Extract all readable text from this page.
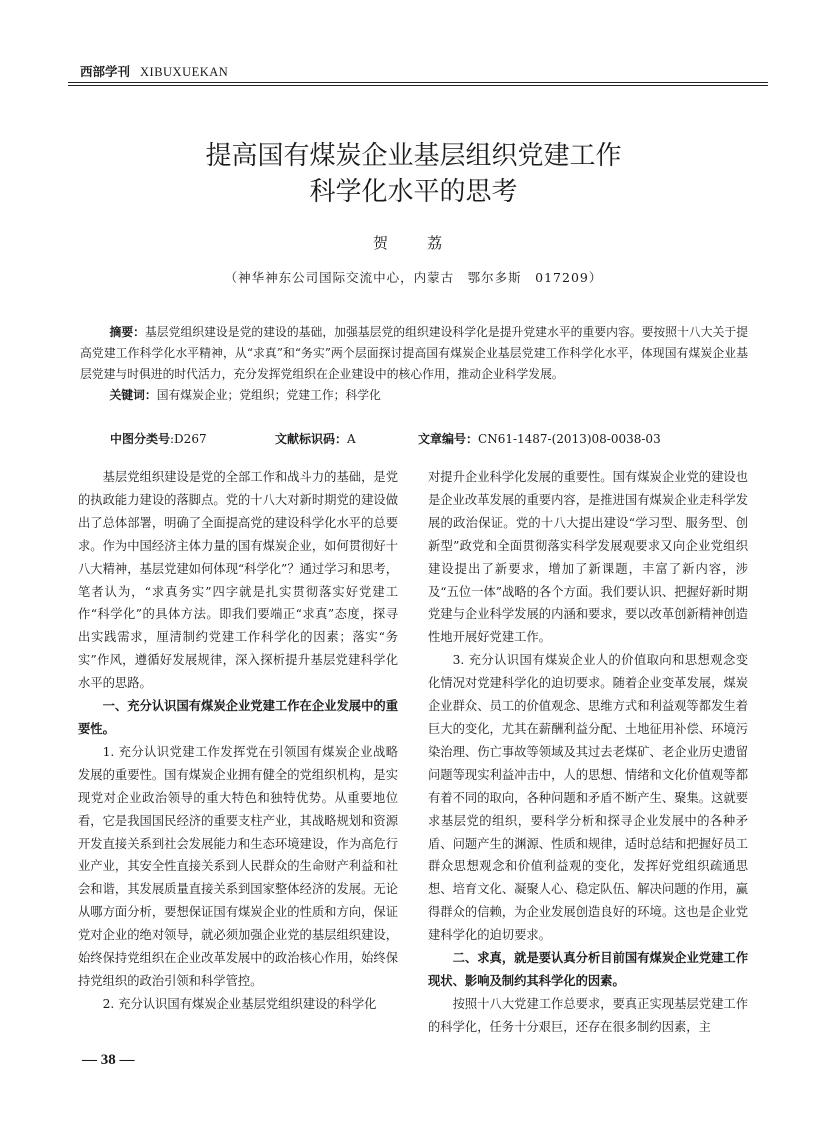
西部学刊 XIBUXUEKAN
提高国有煤炭企业基层组织党建工作
科学化水平的思考
贺　荔
（神华神东公司国际交流中心，内蒙古　鄂尔多斯　017209）
摘要：基层党组织建设是党的建设的基础，加强基层党的组织建设科学化是提升党建水平的重要内容。要按照十八大关于提高党建工作科学化水平精神，从“求真”和“务实”两个层面探讨提高国有煤炭企业基层党建工作科学化水平，体现国有煤炭企业基层党建与时俱进的时代活力，充分发挥党组织在企业建设中的核心作用，推动企业科学发展。
关键词：国有煤炭企业；党组织；党建工作；科学化
中图分类号:D267	文献标识码：A	文章编号：CN61-1487-(2013)08-0038-03

基层党组织建设是党的全部工作和战斗力的基础，是党的执政能力建设的落脚点。党的十八大对新时期党的建设做出了总体部署，明确了全面提高党的建设科学化水平的总要求。作为中国经济主体力量的国有煤炭企业，如何贯彻好十八大精神，基层党建如何体现“科学化”？通过学习和思考，笔者认为，“求真务实”四字就是扎实贯彻落实好党建工作“科学化”的具体方法。即我们要端正“求真”态度，探寻出实践需求，厘清制约党建工作科学化的因素；落实“务实”作风，遵循好发展规律，深入探析提升基层党建科学化水平的思路。

一、充分认识国有煤炭企业党建工作在企业发展中的重要性。

1. 充分认识党建工作发挥党在引领国有煤炭企业战略发展的重要性。国有煤炭企业拥有健全的党组织机构，是实现党对企业政治领导的重大特色和独特优势。从重要地位看，它是我国国民经济的重要支柱产业，其战略规划和资源开发直接关系到社会发展能力和生态环境建设，作为高危行业产业，其安全性直接关系到人民群众的生命财产利益和社会和谐，其发展质量直接关系到国家整体经济的发展。无论从哪方面分析，要想保证国有煤炭企业的性质和方向，保证党对企业的绝对领导，就必须加强企业党的基层组织建设，始终保持党组织在企业改革发展中的政治核心作用，始终保持党组织的政治引领和科学管控。

2. 充分认识国有煤炭企业基层党组织建设的科学化

对提升企业科学化发展的重要性。国有煤炭企业党的建设也是企业改革发展的重要内容，是推进国有煤炭企业走科学发展的政治保证。党的十八大提出建设“学习型、服务型、创新型”政党和全面贯彻落实科学发展观要求又向企业党组织建设提出了新要求，增加了新课题，丰富了新内容，涉及“五位一体”战略的各个方面。我们要认识、把握好新时期党建与企业科学发展的内涵和要求，要以改革创新精神创造性地开展好党建工作。

3. 充分认识国有煤炭企业人的价值取向和思想观念变化情况对党建科学化的迫切要求。随着企业变革发展，煤炭企业群众、员工的价值观念、思维方式和利益观等都发生着巨大的变化，尤其在薪酬利益分配、土地征用补偿、环境污染治理、伤亡事故等领域及其过去老煤矿、老企业历史遗留问题等现实利益冲击中，人的思想、情绪和文化价值观等都有着不同的取向，各种问题和矛盾不断产生、聚集。这就要求基层党的组织，要科学分析和探寻企业发展中的各种矛盾、问题产生的渊源、性质和规律，适时总结和把握好员工群众思想观念和价值利益观的变化，发挥好党组织疏通思想、培育文化、凝聚人心、稳定队伍、解决问题的作用，赢得群众的信赖，为企业发展创造良好的环境。这也是企业党建科学化的迫切要求。

二、求真，就是要认真分析目前国有煤炭企业党建工作现状、影响及制约其科学化的因素。

按照十八大党建工作总要求，要真正实现基层党建工作的科学化，任务十分艰巨，还存在很多制约因素，主

— 38 —
